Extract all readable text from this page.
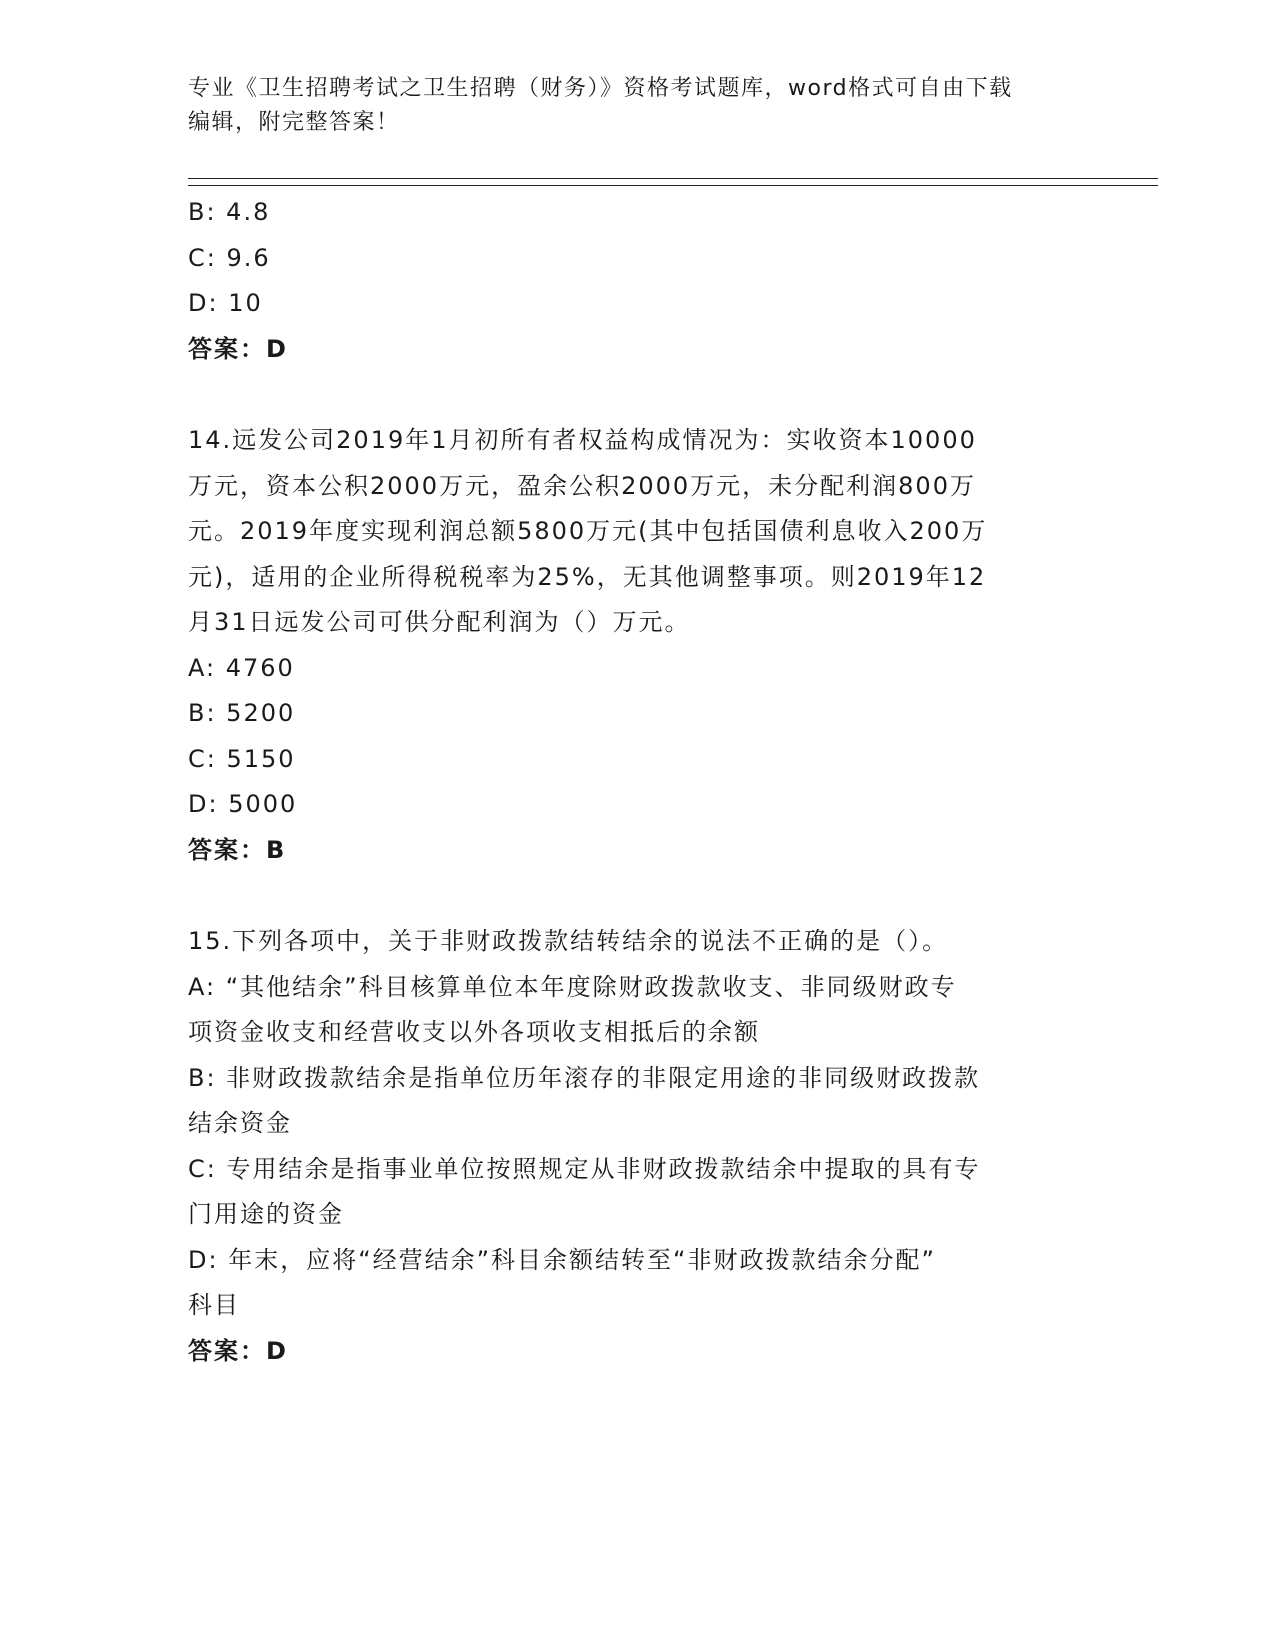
专业《卫生招聘考试之卫生招聘（财务）》资格考试题库，word格式可自由下载
编辑，附完整答案！
B: 4.8
C: 9.6
D: 10
答案：D
14.远发公司2019年1月初所有者权益构成情况为：实收资本10000
万元，资本公积2000万元，盈余公积2000万元，未分配利润800万
元。2019年度实现利润总额5800万元(其中包括国债利息收入200万
元)，适用的企业所得税税率为25%，无其他调整事项。则2019年12
月31日远发公司可供分配利润为（）万元。
A: 4760
B: 5200
C: 5150
D: 5000
答案：B
15.下列各项中，关于非财政拨款结转结余的说法不正确的是（）。
A: “其他结余”科目核算单位本年度除财政拨款收支、非同级财政专
项资金收支和经营收支以外各项收支相抵后的余额
B: 非财政拨款结余是指单位历年滚存的非限定用途的非同级财政拨款
结余资金
C: 专用结余是指事业单位按照规定从非财政拨款结余中提取的具有专
门用途的资金
D: 年末，应将“经营结余”科目余额结转至“非财政拨款结余分配”
科目
答案：D
